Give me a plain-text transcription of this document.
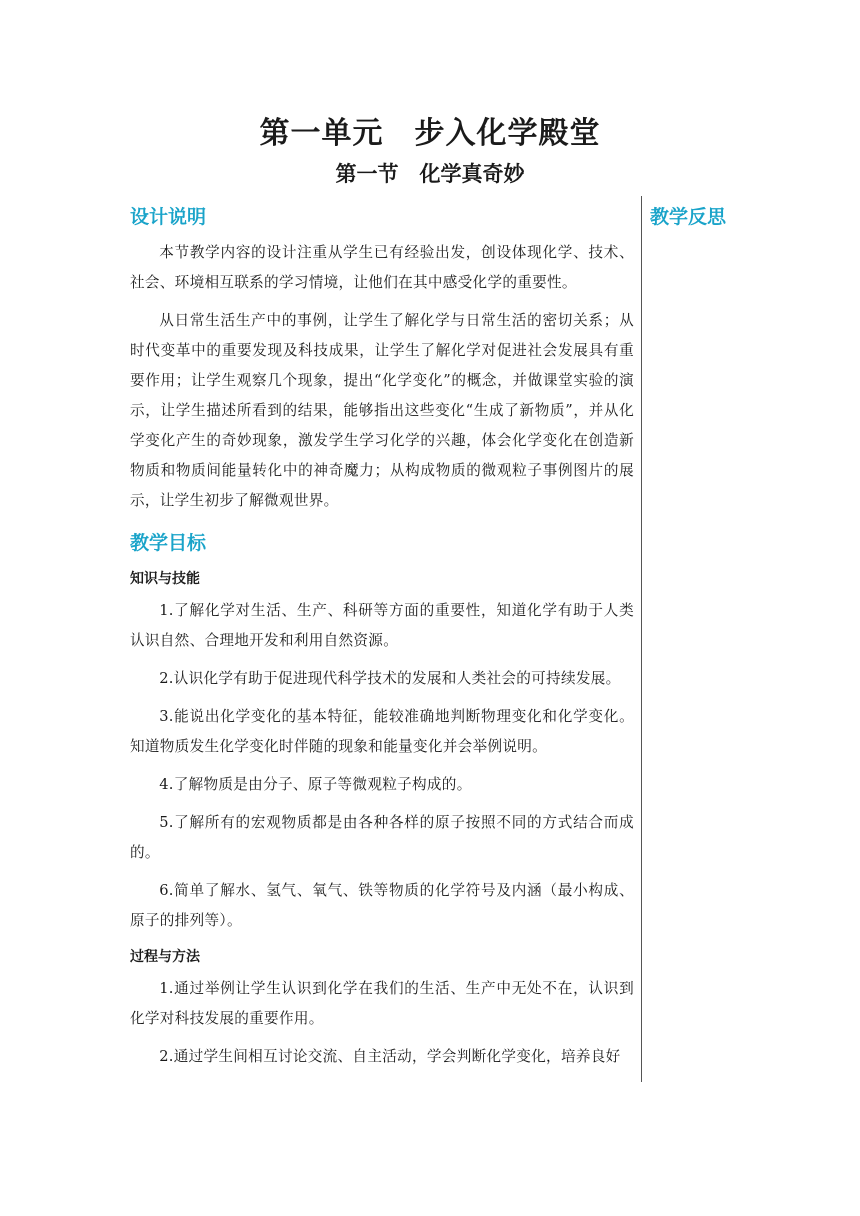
第一单元　步入化学殿堂
第一节　化学真奇妙

教学反思

设计说明

本节教学内容的设计注重从学生已有经验出发，创设体现化学、技术、社会、环境相互联系的学习情境，让他们在其中感受化学的重要性。

从日常生活生产中的事例，让学生了解化学与日常生活的密切关系；从时代变革中的重要发现及科技成果，让学生了解化学对促进社会发展具有重要作用；让学生观察几个现象，提出“化学变化”的概念，并做课堂实验的演示，让学生描述所看到的结果，能够指出这些变化“生成了新物质”，并从化学变化产生的奇妙现象，激发学生学习化学的兴趣，体会化学变化在创造新物质和物质间能量转化中的神奇魔力；从构成物质的微观粒子事例图片的展示，让学生初步了解微观世界。

教学目标

知识与技能

1.了解化学对生活、生产、科研等方面的重要性，知道化学有助于人类认识自然、合理地开发和利用自然资源。

2.认识化学有助于促进现代科学技术的发展和人类社会的可持续发展。

3.能说出化学变化的基本特征，能较准确地判断物理变化和化学变化。知道物质发生化学变化时伴随的现象和能量变化并会举例说明。

4.了解物质是由分子、原子等微观粒子构成的。

5.了解所有的宏观物质都是由各种各样的原子按照不同的方式结合而成的。

6.简单了解水、氢气、氧气、铁等物质的化学符号及内涵（最小构成、原子的排列等）。

过程与方法

1.通过举例让学生认识到化学在我们的生活、生产中无处不在，认识到化学对科技发展的重要作用。

2.通过学生间相互讨论交流、自主活动，学会判断化学变化，培养良好
